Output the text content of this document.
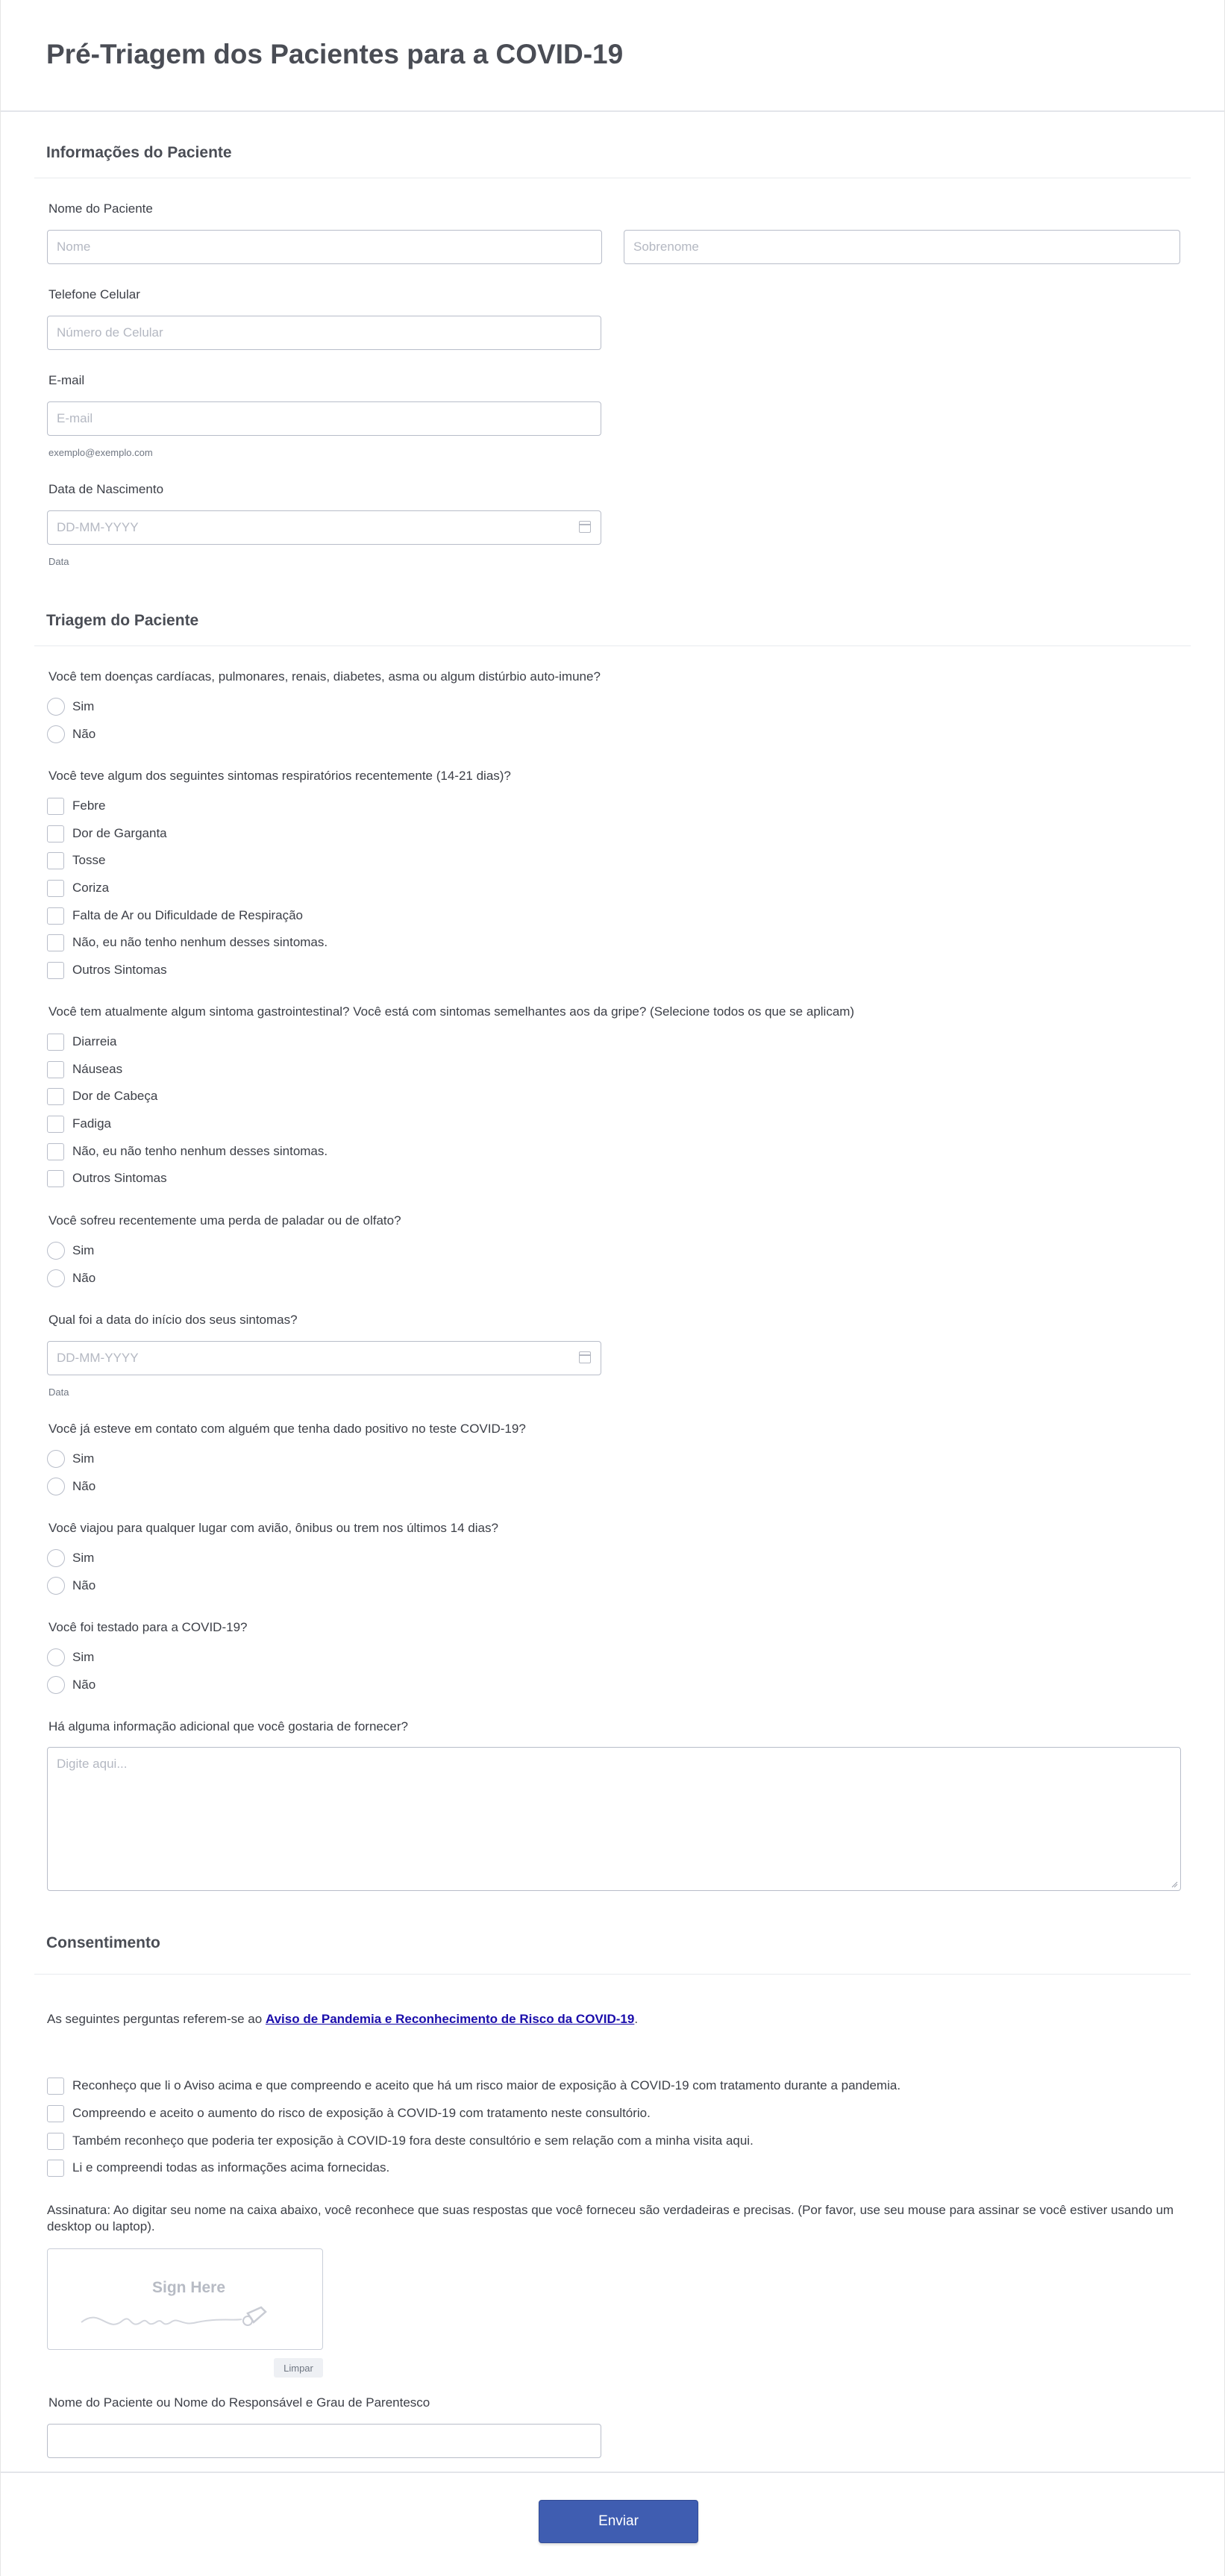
Pré-Triagem dos Pacientes para a COVID-19
Informações do Paciente
Nome do Paciente
Nome
Sobrenome
Telefone Celular
Número de Celular
E-mail
E-mail
exemplo@exemplo.com
Data de Nascimento
DD-MM-YYYY
Data
Triagem do Paciente
Você tem doenças cardíacas, pulmonares, renais, diabetes, asma ou algum distúrbio auto-imune?
Sim
Não
Você teve algum dos seguintes sintomas respiratórios recentemente (14-21 dias)?
Febre
Dor de Garganta
Tosse
Coriza
Falta de Ar ou Dificuldade de Respiração
Não, eu não tenho nenhum desses sintomas.
Outros Sintomas
Você tem atualmente algum sintoma gastrointestinal? Você está com sintomas semelhantes aos da gripe? (Selecione todos os que se aplicam)
Diarreia
Náuseas
Dor de Cabeça
Fadiga
Não, eu não tenho nenhum desses sintomas.
Outros Sintomas
Você sofreu recentemente uma perda de paladar ou de olfato?
Sim
Não
Qual foi a data do início dos seus sintomas?
DD-MM-YYYY
Data
Você já esteve em contato com alguém que tenha dado positivo no teste COVID-19?
Sim
Não
Você viajou para qualquer lugar com avião, ônibus ou trem nos últimos 14 dias?
Sim
Não
Você foi testado para a COVID-19?
Sim
Não
Há alguma informação adicional que você gostaria de fornecer?
Digite aqui...
Consentimento
As seguintes perguntas referem-se ao Aviso de Pandemia e Reconhecimento de Risco da COVID-19.
Reconheço que li o Aviso acima e que compreendo e aceito que há um risco maior de exposição à COVID-19 com tratamento durante a pandemia.
Compreendo e aceito o aumento do risco de exposição à COVID-19 com tratamento neste consultório.
Também reconheço que poderia ter exposição à COVID-19 fora deste consultório e sem relação com a minha visita aqui.
Li e compreendi todas as informações acima fornecidas.
Assinatura: Ao digitar seu nome na caixa abaixo, você reconhece que suas respostas que você forneceu são verdadeiras e precisas. (Por favor, use seu mouse para assinar se você estiver usando um desktop ou laptop).
Sign Here
Limpar
Nome do Paciente ou Nome do Responsável e Grau de Parentesco
Enviar
